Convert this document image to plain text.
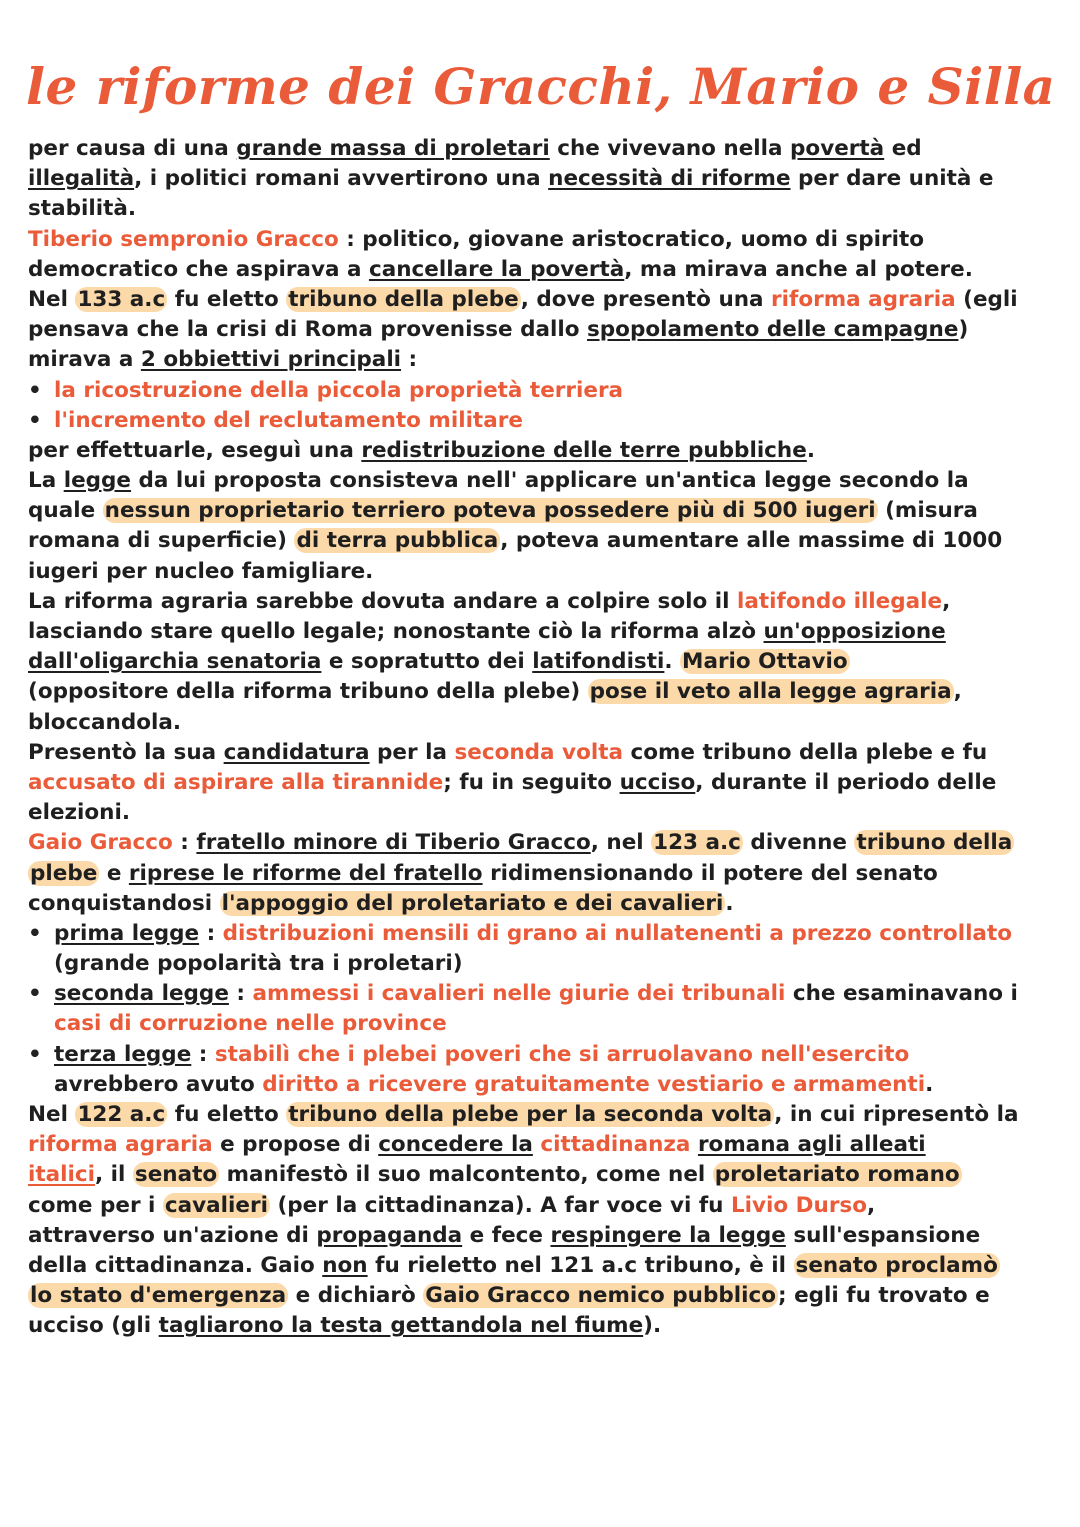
le riforme dei Gracchi, Mario e Silla
per causa di una grande massa di proletari che vivevano nella povertà ed
illegalità, i politici romani avvertirono una necessità di riforme per dare unità e
stabilità.
Tiberio sempronio Gracco : politico, giovane aristocratico, uomo di spirito
democratico che aspirava a cancellare la povertà, ma mirava anche al potere.
Nel 133 a.c fu eletto tribuno della plebe, dove presentò una riforma agraria (egli
pensava che la crisi di Roma provenisse dallo spopolamento delle campagne)
mirava a 2 obbiettivi principali :
• la ricostruzione della piccola proprietà terriera
• l'incremento del reclutamento militare
per effettuarle, eseguì una redistribuzione delle terre pubbliche.
La legge da lui proposta consisteva nell' applicare un'antica legge secondo la
quale nessun proprietario terriero poteva possedere più di 500 iugeri (misura
romana di superficie) di terra pubblica, poteva aumentare alle massime di 1000
iugeri per nucleo famigliare.
La riforma agraria sarebbe dovuta andare a colpire solo il latifondo illegale,
lasciando stare quello legale; nonostante ciò la riforma alzò un'opposizione
dall'oligarchia senatoria e sopratutto dei latifondisti. Mario Ottavio
(oppositore della riforma tribuno della plebe) pose il veto alla legge agraria,
bloccandola.
Presentò la sua candidatura per la seconda volta come tribuno della plebe e fu
accusato di aspirare alla tirannide; fu in seguito ucciso, durante il periodo delle
elezioni.
Gaio Gracco : fratello minore di Tiberio Gracco, nel 123 a.c divenne tribuno della
plebe e riprese le riforme del fratello ridimensionando il potere del senato
conquistandosi l'appoggio del proletariato e dei cavalieri.
• prima legge : distribuzioni mensili di grano ai nullatenenti a prezzo controllato
(grande popolarità tra i proletari)
• seconda legge : ammessi i cavalieri nelle giurie dei tribunali che esaminavano i
casi di corruzione nelle province
• terza legge : stabilì che i plebei poveri che si arruolavano nell'esercito
avrebbero avuto diritto a ricevere gratuitamente vestiario e armamenti.
Nel 122 a.c fu eletto tribuno della plebe per la seconda volta, in cui ripresentò la
riforma agraria e propose di concedere la cittadinanza romana agli alleati
italici, il senato manifestò il suo malcontento, come nel proletariato romano
come per i cavalieri (per la cittadinanza). A far voce vi fu Livio Durso,
attraverso un'azione di propaganda e fece respingere la legge sull'espansione
della cittadinanza. Gaio non fu rieletto nel 121 a.c tribuno, è il senato proclamò
lo stato d'emergenza e dichiarò Gaio Gracco nemico pubblico; egli fu trovato e
ucciso (gli tagliarono la testa gettandola nel fiume).
